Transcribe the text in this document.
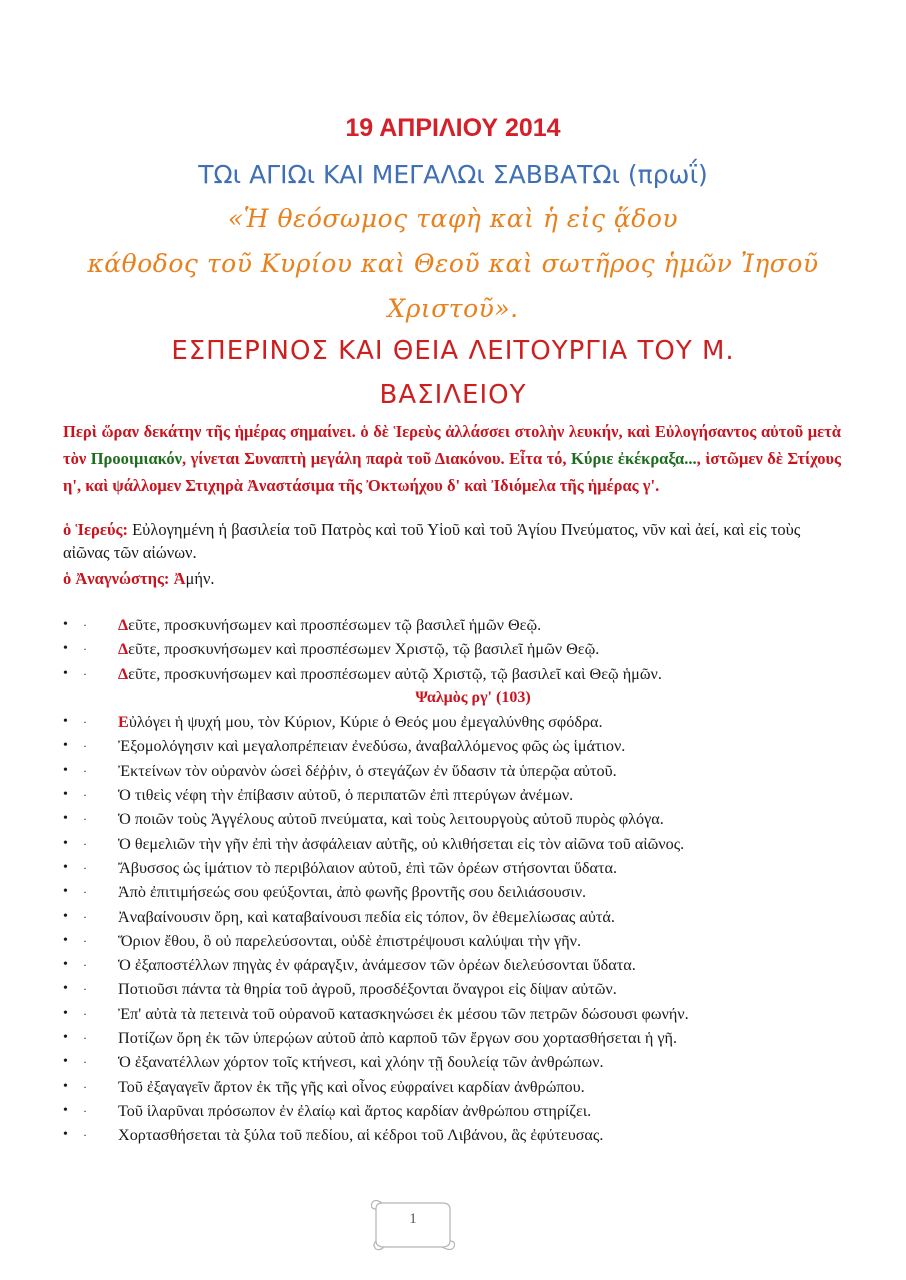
19 ΑΠΡΙΛΙΟΥ 2014
ΤΩι ΑΓΙΩι ΚΑΙ ΜΕΓΑΛΩι ΣΑΒΒΑΤΩι (πρωΐ)
«Ἡ θεόσωμος ταφὴ καὶ ἡ εἰς ᾅδου
κάθοδος τοῦ Κυρίου καὶ Θεοῦ καὶ σωτῆρος ἡμῶν Ἰησοῦ
Χριστοῦ».
ΕΣΠΕΡΙΝΟΣ ΚΑΙ ΘΕΙΑ ΛΕΙΤΟΥΡΓΙΑ ΤΟΥ Μ.
ΒΑΣΙΛΕΙΟΥ
Περὶ ὥραν δεκάτην τῆς ἡμέρας σημαίνει. ὁ δὲ Ἱερεὺς ἀλλάσσει στολὴν λευκήν, καὶ Εὐλογήσαντος αὐτοῦ μετὰ τὸν Προοιμιακόν, γίνεται Συναπτὴ μεγάλη παρὰ τοῦ Διακόνου. Εἶτα τό, Κύριε ἐκέκραξα..., ἱστῶμεν δὲ Στίχους η', καὶ ψάλλομεν Στιχηρὰ Ἀναστάσιμα τῆς Ὀκτωήχου δ' καὶ Ἰδιόμελα τῆς ἡμέρας γ'.
ὁ Ἱερεύς: Εὐλογημένη ἡ βασιλεία τοῦ Πατρὸς καὶ τοῦ Υἱοῦ καὶ τοῦ Ἁγίου Πνεύματος, νῦν καὶ ἀεί, καὶ εἰς τοὺς αἰῶνας τῶν αἰώνων.
ὁ Ἀναγνώστης: Ἀμήν.
• · Δεῦτε, προσκυνήσωμεν καὶ προσπέσωμεν τῷ βασιλεῖ ἡμῶν Θεῷ.
• · Δεῦτε, προσκυνήσωμεν καὶ προσπέσωμεν Χριστῷ, τῷ βασιλεῖ ἡμῶν Θεῷ.
• · Δεῦτε, προσκυνήσωμεν καὶ προσπέσωμεν αὐτῷ Χριστῷ, τῷ βασιλεῖ καὶ Θεῷ ἡμῶν.
Ψαλμὸς ργ' (103)
• · Εὐλόγει ἡ ψυχή μου, τὸν Κύριον, Κύριε ὁ Θεός μου ἐμεγαλύνθης σφόδρα.
• · Ἐξομολόγησιν καὶ μεγαλοπρέπειαν ἐνεδύσω, ἀναβαλλόμενος φῶς ὡς ἱμάτιον.
• · Ἐκτείνων τὸν οὐρανὸν ὡσεὶ δέῤῥιν, ὁ στεγάζων ἐν ὕδασιν τὰ ὑπερῷα αὐτοῦ.
• · Ὁ τιθεὶς νέφη τὴν ἐπίβασιν αὐτοῦ, ὁ περιπατῶν ἐπὶ πτερύγων ἀνέμων.
• · Ὁ ποιῶν τοὺς Ἀγγέλους αὐτοῦ πνεύματα, καὶ τοὺς λειτουργοὺς αὐτοῦ πυρὸς φλόγα.
• · Ὁ θεμελιῶν τὴν γῆν ἐπὶ τὴν ἀσφάλειαν αὐτῆς, οὐ κλιθήσεται εἰς τὸν αἰῶνα τοῦ αἰῶνος.
• · Ἄβυσσος ὡς ἱμάτιον τὸ περιβόλαιον αὐτοῦ, ἐπὶ τῶν ὀρέων στήσονται ὕδατα.
• · Ἀπὸ ἐπιτιμήσεώς σου φεύξονται, ἀπὸ φωνῆς βροντῆς σου δειλιάσουσιν.
• · Ἀναβαίνουσιν ὄρη, καὶ καταβαίνουσι πεδία εἰς τόπον, ὃν ἐθεμελίωσας αὐτά.
• · Ὅριον ἔθου, ὃ οὐ παρελεύσονται, οὐδὲ ἐπιστρέψουσι καλύψαι τὴν γῆν.
• · Ὁ ἐξαποστέλλων πηγὰς ἐν φάραγξιν, ἀνάμεσον τῶν ὀρέων διελεύσονται ὕδατα.
• · Ποτιοῦσι πάντα τὰ θηρία τοῦ ἀγροῦ, προσδέξονται ὄναγροι εἰς δίψαν αὐτῶν.
• · Ἐπ' αὐτὰ τὰ πετεινὰ τοῦ οὐρανοῦ κατασκηνώσει ἐκ μέσου τῶν πετρῶν δώσουσι φωνήν.
• · Ποτίζων ὄρη ἐκ τῶν ὑπερῴων αὐτοῦ ἀπὸ καρποῦ τῶν ἔργων σου χορτασθήσεται ἡ γῆ.
• · Ὁ ἐξανατέλλων χόρτον τοῖς κτήνεσι, καὶ χλόην τῇ δουλείᾳ τῶν ἀνθρώπων.
• · Τοῦ ἐξαγαγεῖν ἄρτον ἐκ τῆς γῆς καὶ οἶνος εὐφραίνει καρδίαν ἀνθρώπου.
• · Τοῦ ἱλαρῦναι πρόσωπον ἐν ἐλαίῳ καὶ ἄρτος καρδίαν ἀνθρώπου στηρίζει.
• · Χορτασθήσεται τὰ ξύλα τοῦ πεδίου, αἱ κέδροι τοῦ Λιβάνου, ἃς ἐφύτευσας.
1
